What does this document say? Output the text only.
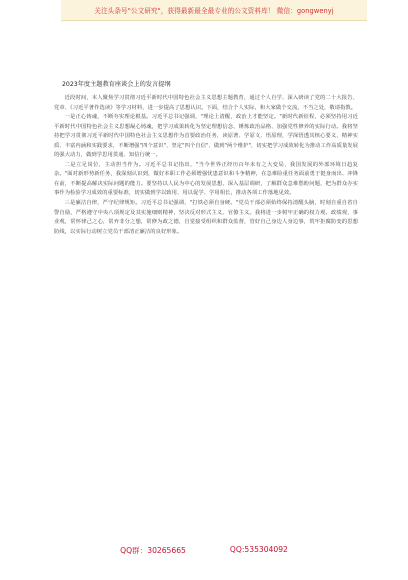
关注头条号"公文研究"，获得最新最全最专业的公文资料库！ 微信：gongwenyj
2023年度主题教育座谈会上的发言提纲

近段时间，本人聚焦学习贯彻习近平新时代中国特色社会主义思想主题教育，通过个人自学、深入研读了党的二十大报告、党章、《习近平著作选读》等学习材料，进一步提高了思想认识。下面，结合个人实际，和大家做个交流，不当之处，敬请指教。

一是正心铸魂，不断夯实理论根基。习近平总书记强调，"理论上清醒，政治上才能坚定。"新时代新征程，必须坚持用习近平新时代中国特色社会主义思想凝心铸魂，把学习成果转化为坚定理想信念、锤炼政治品格、加强党性修养的实际行动。我将坚持把学习贯彻习近平新时代中国特色社会主义思想作为首要政治任务，读原著、学原文、悟原理，学深悟透其核心要义、精神实质、丰富内涵和实践要求，不断增强"四个意识"、坚定"四个自信"、做到"两个维护"，切实把学习成效转化为推动工作高质量发展的强大动力，做到学思用贯通、知信行统一。

二是立足岗位，主动担当作为。习近平总书记指出，"当今世界正经历百年未有之大变局，我国发展的外部环境日趋复杂。"面对新形势新任务，我深刻认识到，做好本职工作必须增强忧患意识和斗争精神，在急难险重任务面前勇于挺身而出、冲锋在前，不断提高解决实际问题的能力。要坚持以人民为中心的发展思想，深入基层调研，了解群众急难愁盼问题，把为群众办实事作为检验学习成效的重要标准，切实做到学以致用、用以促学、学用相长，推动各项工作落地见效。

三是廉洁自律，严守纪律规矩。习近平总书记强调，"打铁必须自身硬。"党员干部必须始终保持清醒头脑，时刻自重自省自警自励，严格遵守中央八项规定及其实施细则精神，坚决反对形式主义、官僚主义。我将进一步树牢正确的权力观、政绩观、事业观，常怀律己之心，常弃非分之想，常修为政之德，自觉接受组织和群众监督，管好自己身边人身边事，筑牢拒腐防变的思想防线，以实际行动树立党员干部清正廉洁的良好形象。

QQ群：30265665	QQ:535304092
